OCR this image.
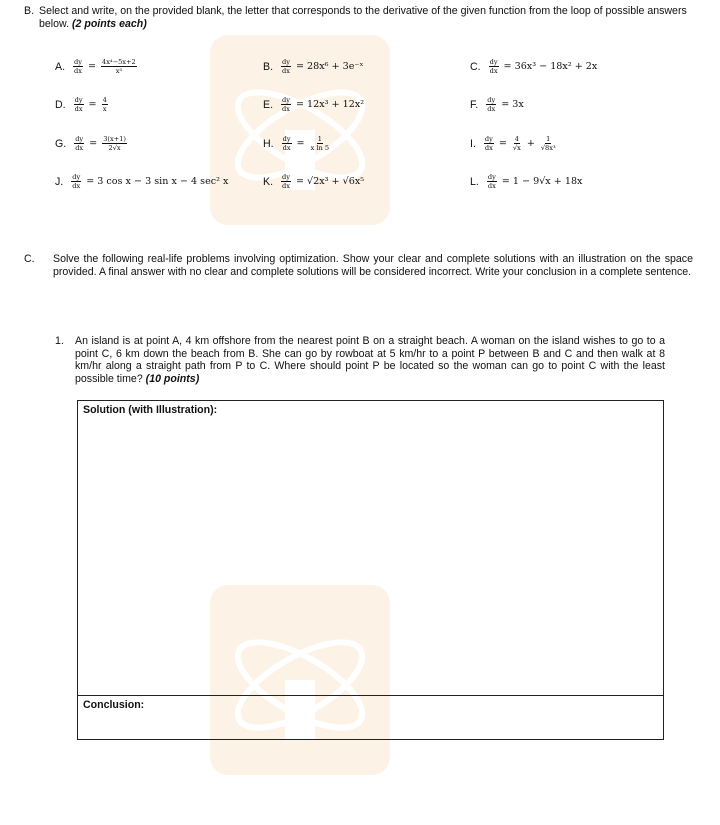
B. Select and write, on the provided blank, the letter that corresponds to the derivative of the given function from the loop of possible answers below. (2 points each)
A. $\frac{dy}{dx} = \frac{\text{4x⁴−5x+2}}{\text{x³}}$	B. $\frac{dy}{dx} = 28x^6$ + 3e⁻ˣ	C. $\frac{dy}{dx} = 36x^3 - 18x^2 + 2x$
D. $\frac{dy}{dx} = \frac{4}{x}$	E. $\frac{dy}{dx} = 12x^3 + 12x^2$	F. $\frac{dy}{dx} = 3x$
G. $\frac{dy}{dx} = \frac{3(x+1)}{2√x}$	H. $\frac{dy}{dx} = \frac{1}{\text{x ln 5}}$	I. $\frac{dy}{dx} = \frac{4}{√x} + \frac{1}{\text{√8x³}}$
J. $\frac{dy}{dx} = 3$ cos x − 3 sin x − 4 sec² x	K. $\frac{dy}{dx} = √2x^3 + √6x^5$	L. $\frac{dy}{dx} = 1 - 9√x + 18x$
C. Solve the following real-life problems involving optimization. Show your clear and complete solutions with an illustration on the space provided. A final answer with no clear and complete solutions will be considered incorrect. Write your conclusion in a complete sentence.
1. An island is at point A, 4 km offshore from the nearest point B on a straight beach. A woman on the island wishes to go to a point C, 6 km down the beach from B. She can go by rowboat at 5 km/hr to a point P between B and C and then walk at 8 km/hr along a straight path from P to C. Where should point P be located so the woman can go to point C with the least possible time? (10 points)
Solution (with Illustration):
Conclusion:
